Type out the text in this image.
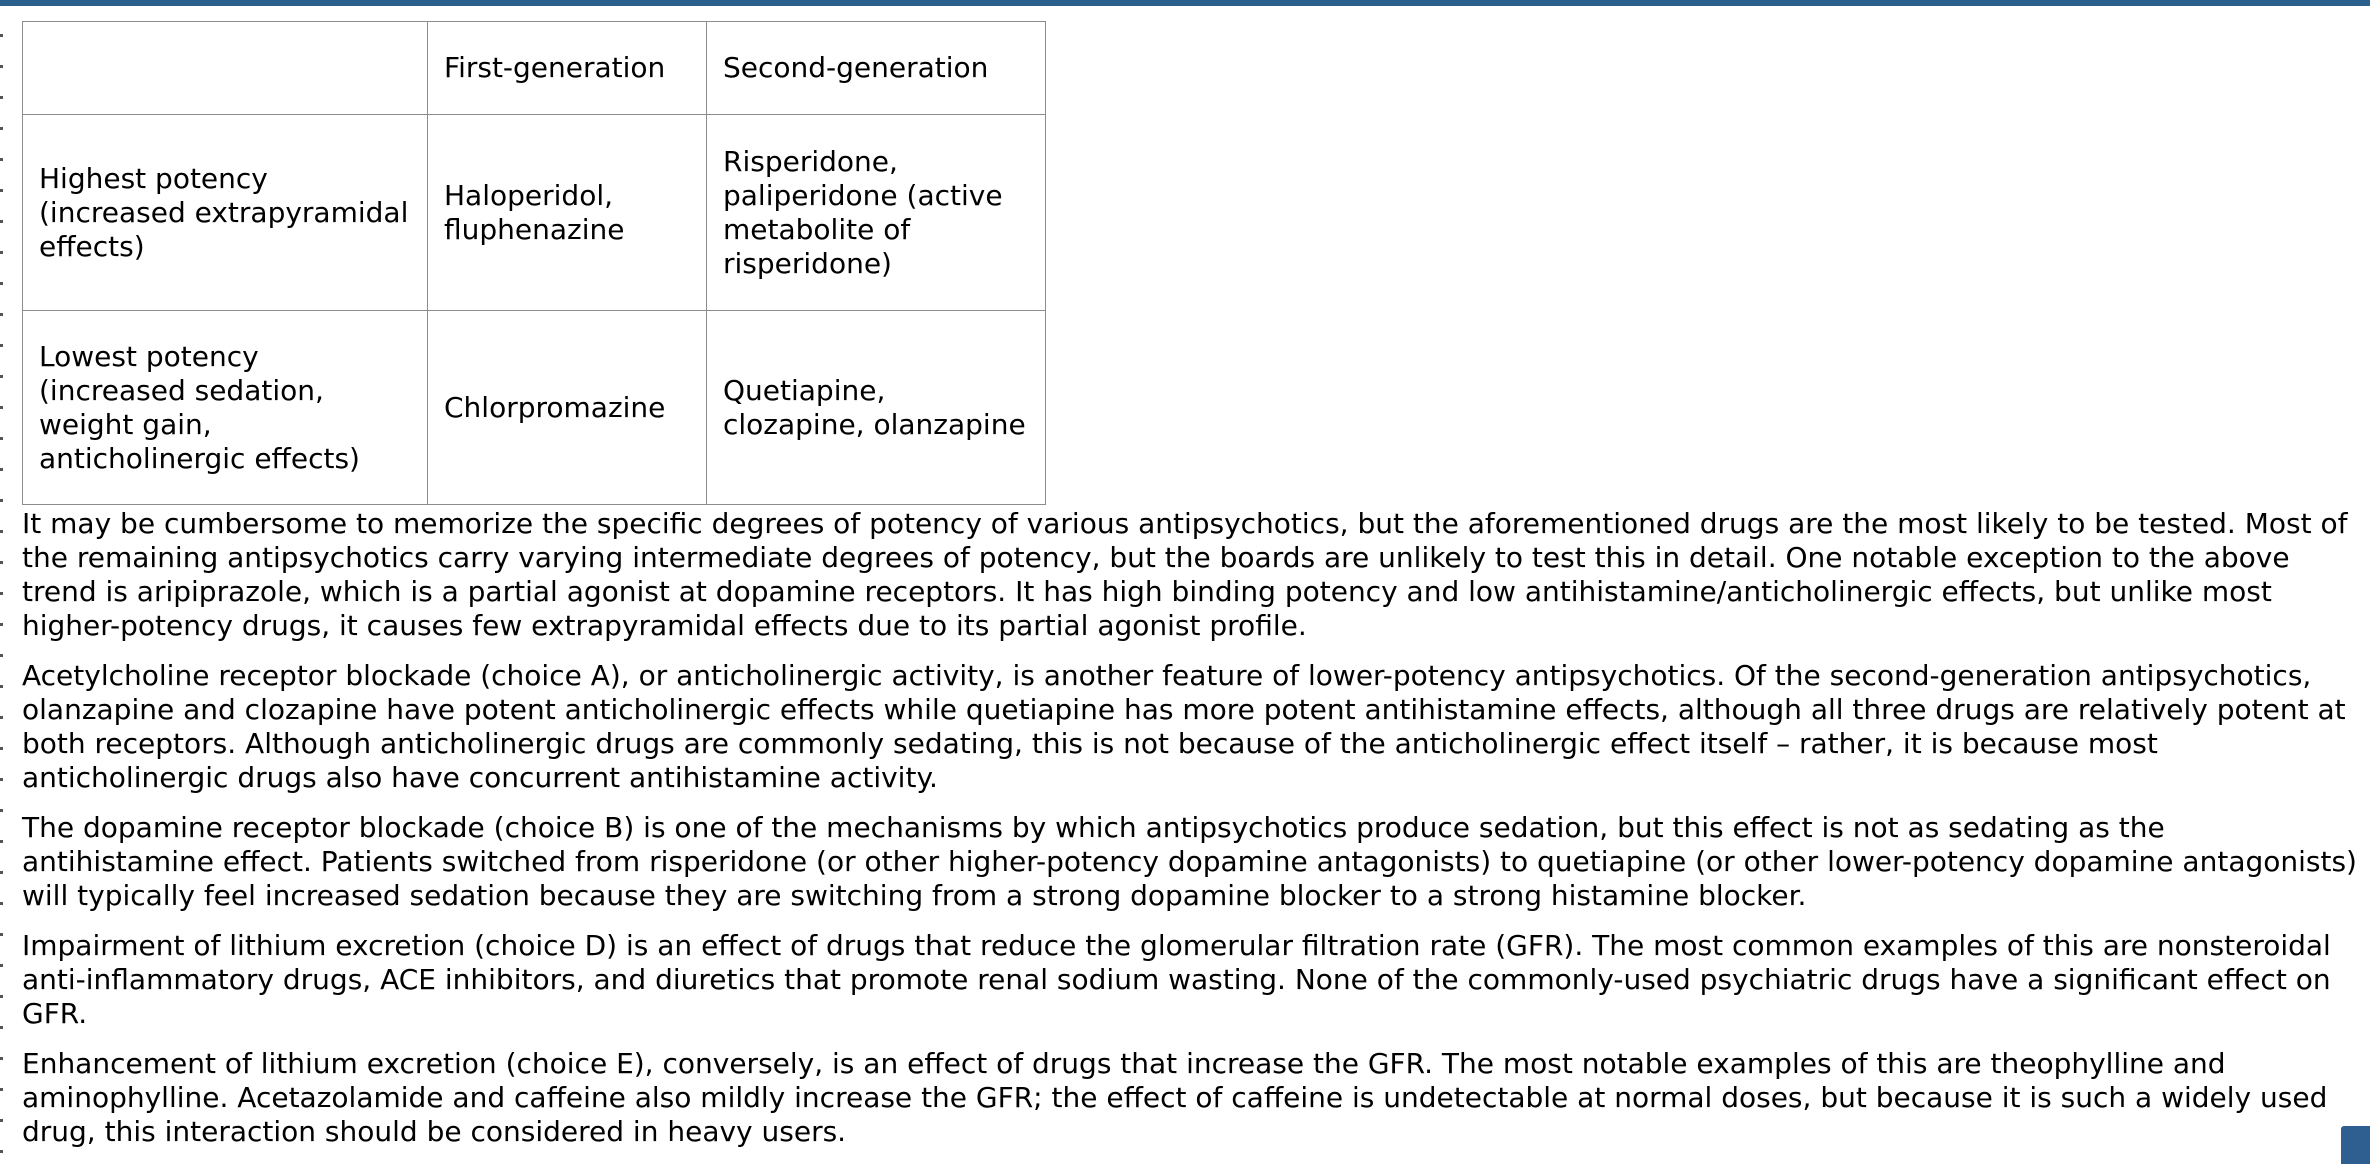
	First-generation	Second-generation
Highest potency (increased extrapyramidal effects)	Haloperidol, fluphenazine	Risperidone, paliperidone (active metabolite of risperidone)
Lowest potency (increased sedation, weight gain, anticholinergic effects)	Chlorpromazine	Quetiapine, clozapine, olanzapine

It may be cumbersome to memorize the specific degrees of potency of various antipsychotics, but the aforementioned drugs are the most likely to be tested. Most of the remaining antipsychotics carry varying intermediate degrees of potency, but the boards are unlikely to test this in detail. One notable exception to the above trend is aripiprazole, which is a partial agonist at dopamine receptors. It has high binding potency and low antihistamine/anticholinergic effects, but unlike most higher-potency drugs, it causes few extrapyramidal effects due to its partial agonist profile.

Acetylcholine receptor blockade (choice A), or anticholinergic activity, is another feature of lower-potency antipsychotics. Of the second-generation antipsychotics, olanzapine and clozapine have potent anticholinergic effects while quetiapine has more potent antihistamine effects, although all three drugs are relatively potent at both receptors. Although anticholinergic drugs are commonly sedating, this is not because of the anticholinergic effect itself – rather, it is because most anticholinergic drugs also have concurrent antihistamine activity.

The dopamine receptor blockade (choice B) is one of the mechanisms by which antipsychotics produce sedation, but this effect is not as sedating as the antihistamine effect. Patients switched from risperidone (or other higher-potency dopamine antagonists) to quetiapine (or other lower-potency dopamine antagonists) will typically feel increased sedation because they are switching from a strong dopamine blocker to a strong histamine blocker.

Impairment of lithium excretion (choice D) is an effect of drugs that reduce the glomerular filtration rate (GFR). The most common examples of this are nonsteroidal anti-inflammatory drugs, ACE inhibitors, and diuretics that promote renal sodium wasting. None of the commonly-used psychiatric drugs have a significant effect on GFR.

Enhancement of lithium excretion (choice E), conversely, is an effect of drugs that increase the GFR. The most notable examples of this are theophylline and aminophylline. Acetazolamide and caffeine also mildly increase the GFR; the effect of caffeine is undetectable at normal doses, but because it is such a widely used drug, this interaction should be considered in heavy users.
